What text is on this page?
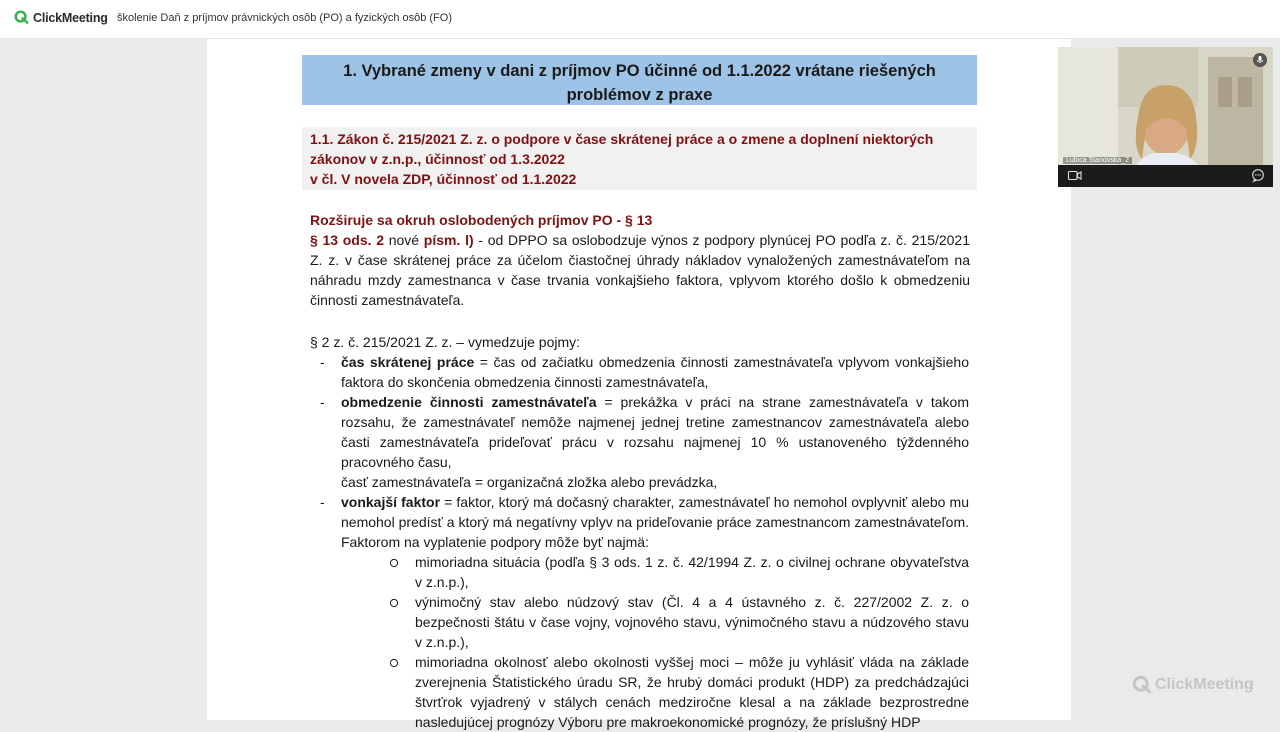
ClickMeeting školenie Daň z príjmov právnických osôb (PO) a fyzických osôb (FO)

1. Vybrané zmeny v dani z príjmov PO účinné od 1.1.2022 vrátane riešených
problémov z praxe

1.1. Zákon č. 215/2021 Z. z. o podpore v čase skrátenej práce a o zmene a doplnení niektorých
zákonov v z.n.p., účinnosť od 1.3.2022
v čl. V novela ZDP, účinnosť od 1.1.2022

Rozširuje sa okruh oslobodených príjmov PO - § 13
§ 13 ods. 2 nové písm. l) - od DPPO sa oslobodzuje výnos z podpory plynúcej PO podľa z. č. 215/2021 Z. z. v čase skrátenej práce za účelom čiastočnej úhrady nákladov vynaložených zamestnávateľom na náhradu mzdy zamestnanca v čase trvania vonkajšieho faktora, vplyvom ktorého došlo k obmedzeniu činnosti zamestnávateľa.

§ 2 z. č. 215/2021 Z. z. – vymedzuje pojmy:

- čas skrátenej práce = čas od začiatku obmedzenia činnosti zamestnávateľa vplyvom vonkajšieho faktora do skončenia obmedzenia činnosti zamestnávateľa,

- obmedzenie činnosti zamestnávateľa = prekážka v práci na strane zamestnávateľa v takom rozsahu, že zamestnávateľ nemôže najmenej jednej tretine zamestnancov zamestnávateľa alebo časti zamestnávateľa prideľovať prácu v rozsahu najmenej 10 % ustanoveného týždenného pracovného času,

časť zamestnávateľa = organizačná zložka alebo prevádzka,

- vonkajší faktor = faktor, ktorý má dočasný charakter, zamestnávateľ ho nemohol ovplyvniť alebo mu nemohol predísť a ktorý má negatívny vplyv na prideľovanie práce zamestnancom zamestnávateľom. Faktorom na vyplatenie podpory môže byť najmä:

mimoriadna situácia (podľa § 3 ods. 1 z. č. 42/1994 Z. z. o civilnej ochrane obyvateľstva v z.n.p.),

výnimočný stav alebo núdzový stav (Čl. 4 a 4 ústavného z. č. 227/2002 Z. z. o bezpečnosti štátu v čase vojny, vojnového stavu, výnimočného stavu a núdzového stavu v z.n.p.),

mimoriadna okolnosť alebo okolnosti vyššej moci – môže ju vyhlásiť vláda na základe zverejnenia Štatistického úradu SR, že hrubý domáci produkt (HDP) za predchádzajúci štvrťrok vyjadrený v stálych cenách medziročne klesal a na základe bezprostredne nasledujúcej prognózy Výboru pre makroekonomické prognózy, že príslušný HDP

Lubica Stanovská_2
ClickMeeting
